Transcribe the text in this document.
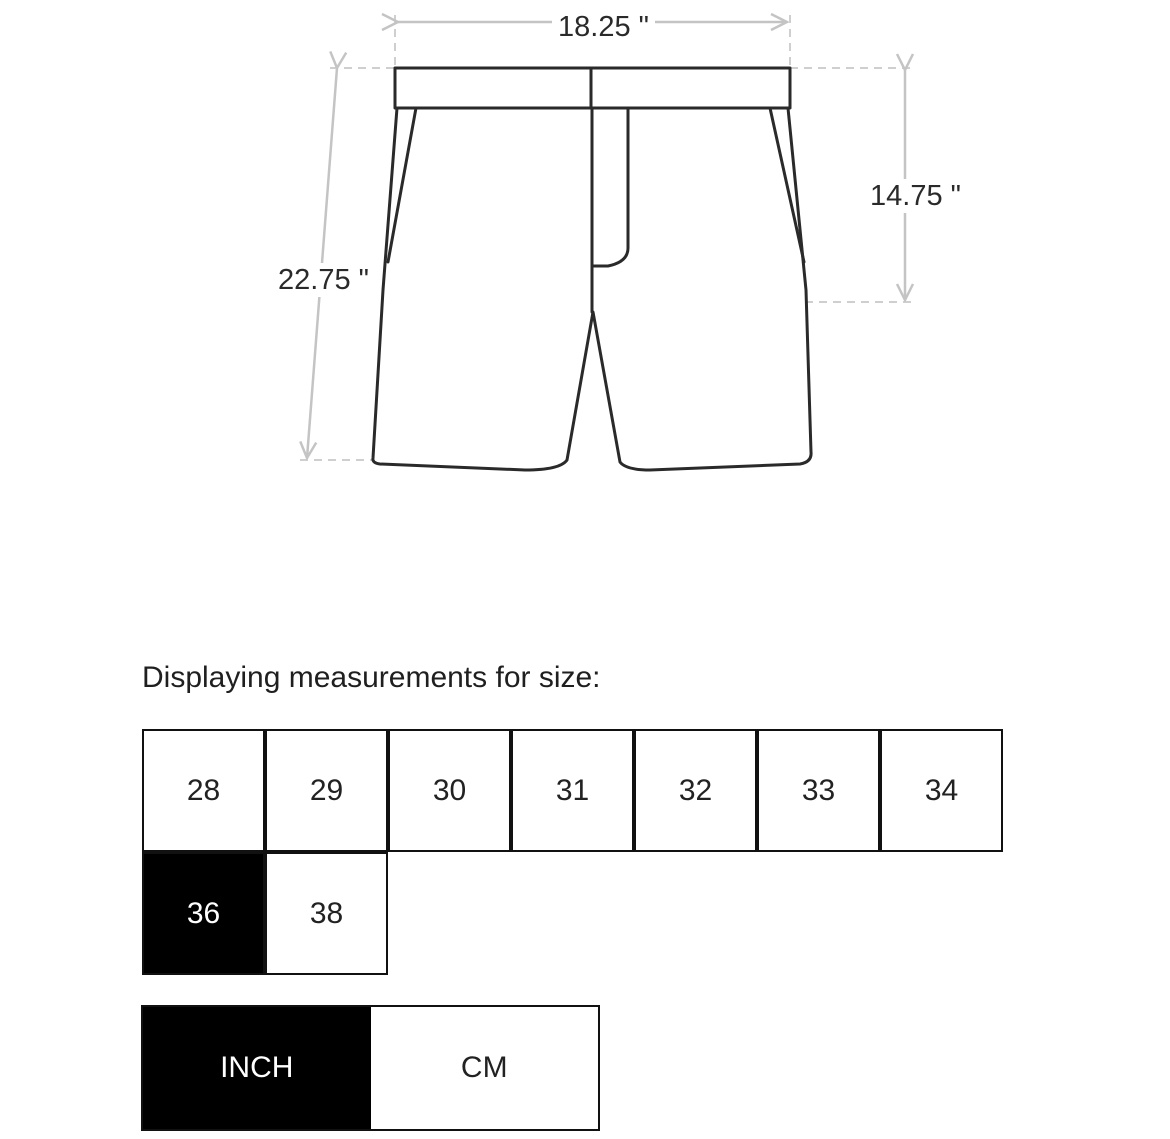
18.25 "
22.75 "
14.75 "
Displaying measurements for size:
28	29	30	31	32	33	34
36	38
INCH	CM
